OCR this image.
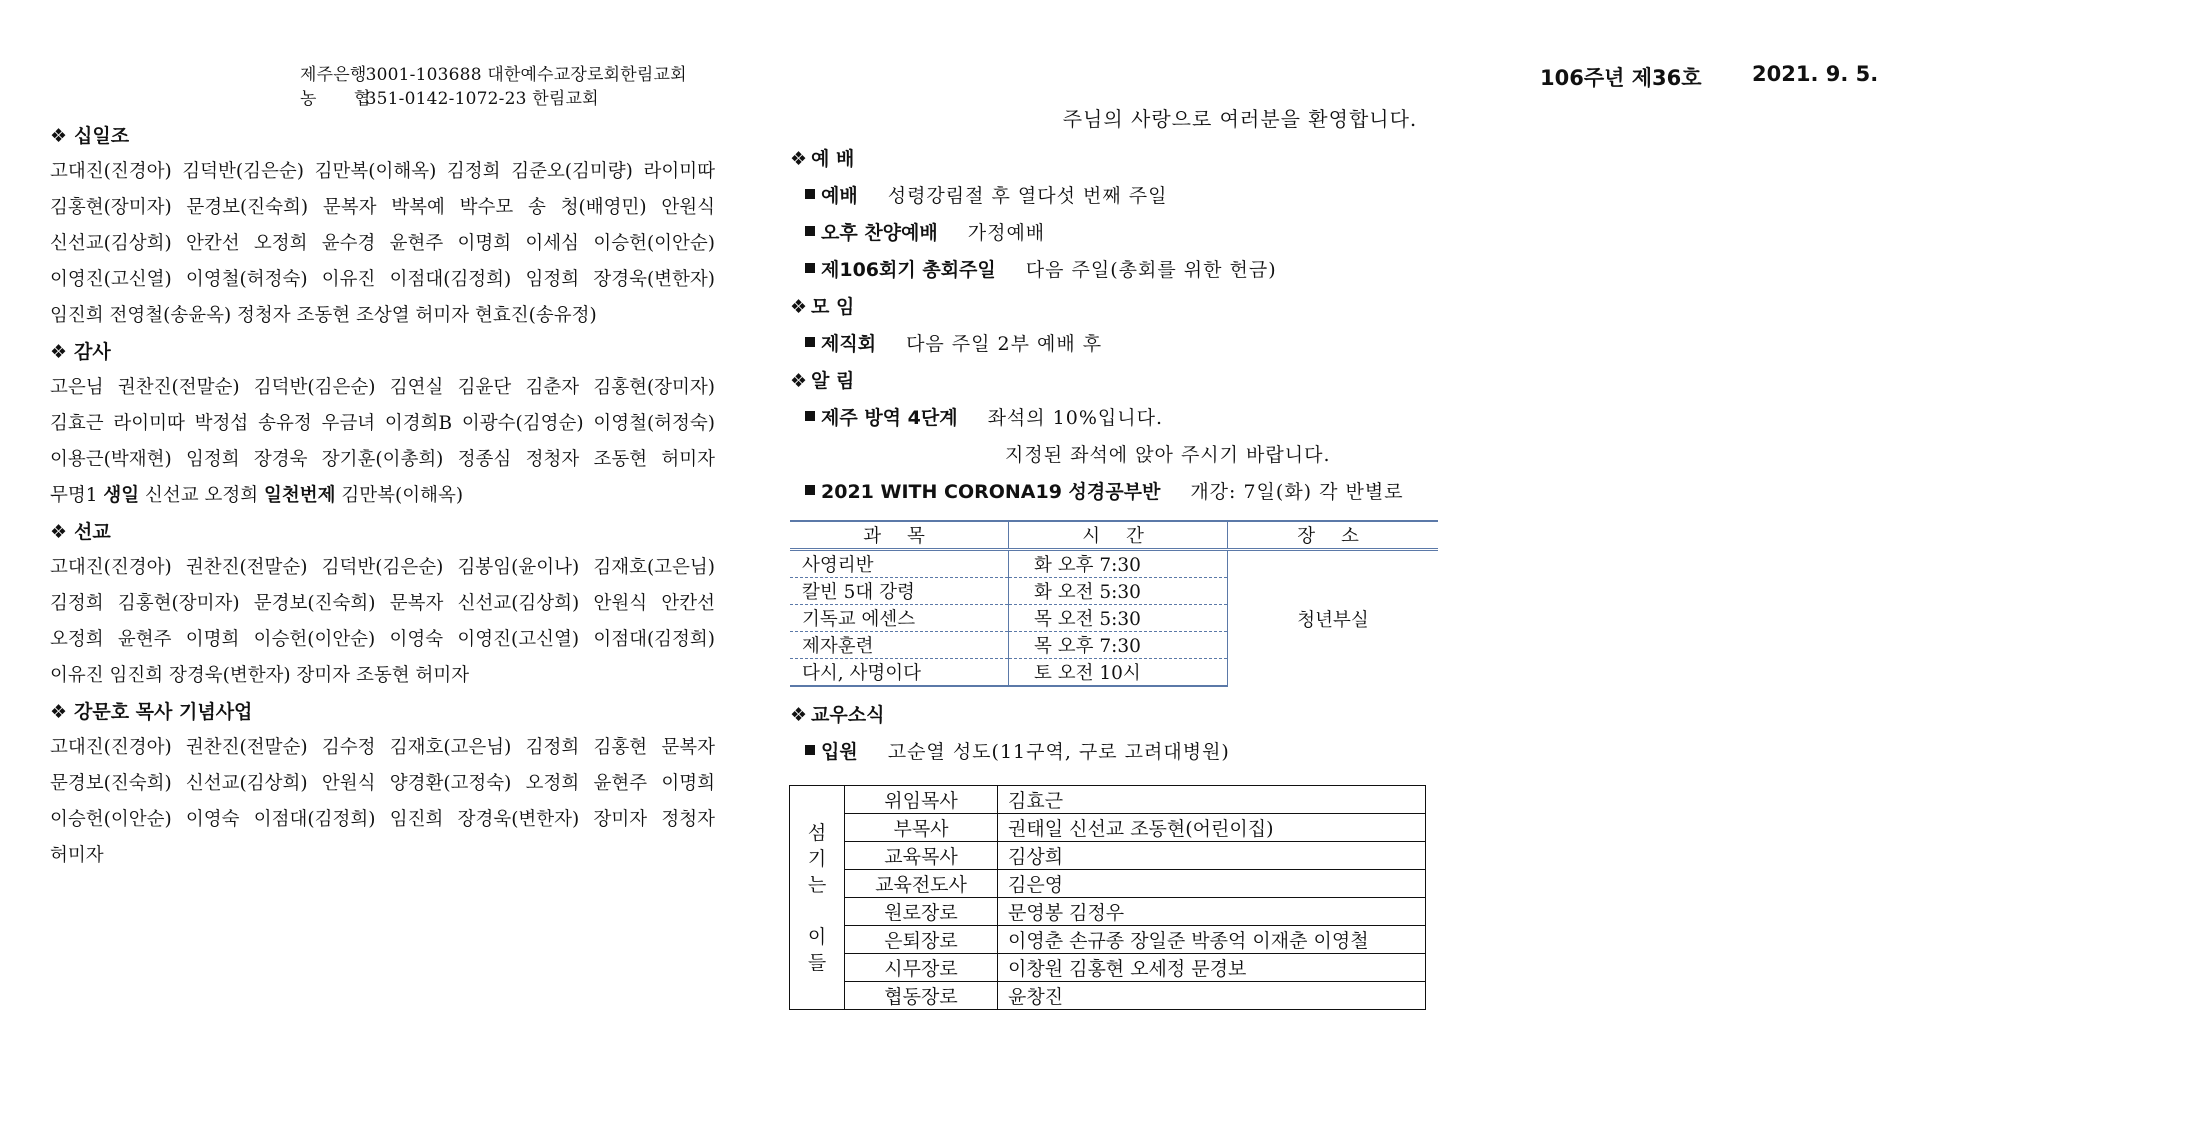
제주은행 3001-103688 대한예수교장로회한림교회
농 협 351-0142-1072-23 한림교회
106주년 제36호 2021. 9. 5.
❖ 십일조
고대진(진경아) 김덕반(김은순) 김만복(이해옥) 김정희 김준오(김미량) 라이미따
김홍현(장미자) 문경보(진숙희) 문복자 박복예 박수모 송 청(배영민) 안원식
신선교(김상희) 안칸선 오정희 윤수경 윤현주 이명희 이세심 이승헌(이안순)
이영진(고신열) 이영철(허정숙) 이유진 이점대(김정희) 임정희 장경욱(변한자)
임진희 전영철(송윤옥) 정청자 조동현 조상열 허미자 현효진(송유정)
❖ 감사
고은님 권찬진(전말순) 김덕반(김은순) 김연실 김윤단 김춘자 김홍현(장미자)
김효근 라이미따 박정섭 송유정 우금녀 이경희B 이광수(김영순) 이영철(허정숙)
이용근(박재현) 임정희 장경욱 장기훈(이총희) 정종심 정청자 조동현 허미자
무명1 생일 신선교 오정희 일천번제 김만복(이해옥)
❖ 선교
고대진(진경아) 권찬진(전말순) 김덕반(김은순) 김봉임(윤이나) 김재호(고은님)
김정희 김홍현(장미자) 문경보(진숙희) 문복자 신선교(김상희) 안원식 안칸선
오정희 윤현주 이명희 이승헌(이안순) 이영숙 이영진(고신열) 이점대(김정희)
이유진 임진희 장경욱(변한자) 장미자 조동현 허미자
❖ 강문호 목사 기념사업
고대진(진경아) 권찬진(전말순) 김수정 김재호(고은님) 김정희 김홍현 문복자
문경보(진숙희) 신선교(김상희) 안원식 양경환(고정숙) 오정희 윤현주 이명희
이승헌(이안순) 이영숙 이점대(김정희) 임진희 장경욱(변한자) 장미자 정청자
허미자
주님의 사랑으로 여러분을 환영합니다.
❖ 예 배
예배 성령강림절 후 열다섯 번째 주일
오후 찬양예배 가정예배
제106회기 총회주일 다음 주일(총회를 위한 헌금)
❖ 모 임
제직회 다음 주일 2부 예배 후
❖ 알 림
제주 방역 4단계 좌석의 10%입니다.
지정된 좌석에 앉아 주시기 바랍니다.
2021 WITH CORONA19 성경공부반 개강: 7일(화) 각 반별로
과 목	시 간	장 소
사영리반	화 오후 7:30	청년부실
칼빈 5대 강령	화 오전 5:30	
기독교 에센스	목 오전 5:30	
제자훈련	목 오후 7:30	
다시, 사명이다	토 오전 10시	
❖ 교우소식
입원 고순열 성도(11구역, 구로 고려대병원)
섬
기
는

이
들	위임목사	김효근
	부목사	권태일 신선교 조동현(어린이집)
	교육목사	김상희
	교육전도사	김은영
	원로장로	문영봉 김정우
	은퇴장로	이영춘 손규종 장일준 박종억 이재춘 이영철
	시무장로	이창원 김홍현 오세정 문경보
	협동장로	윤창진
